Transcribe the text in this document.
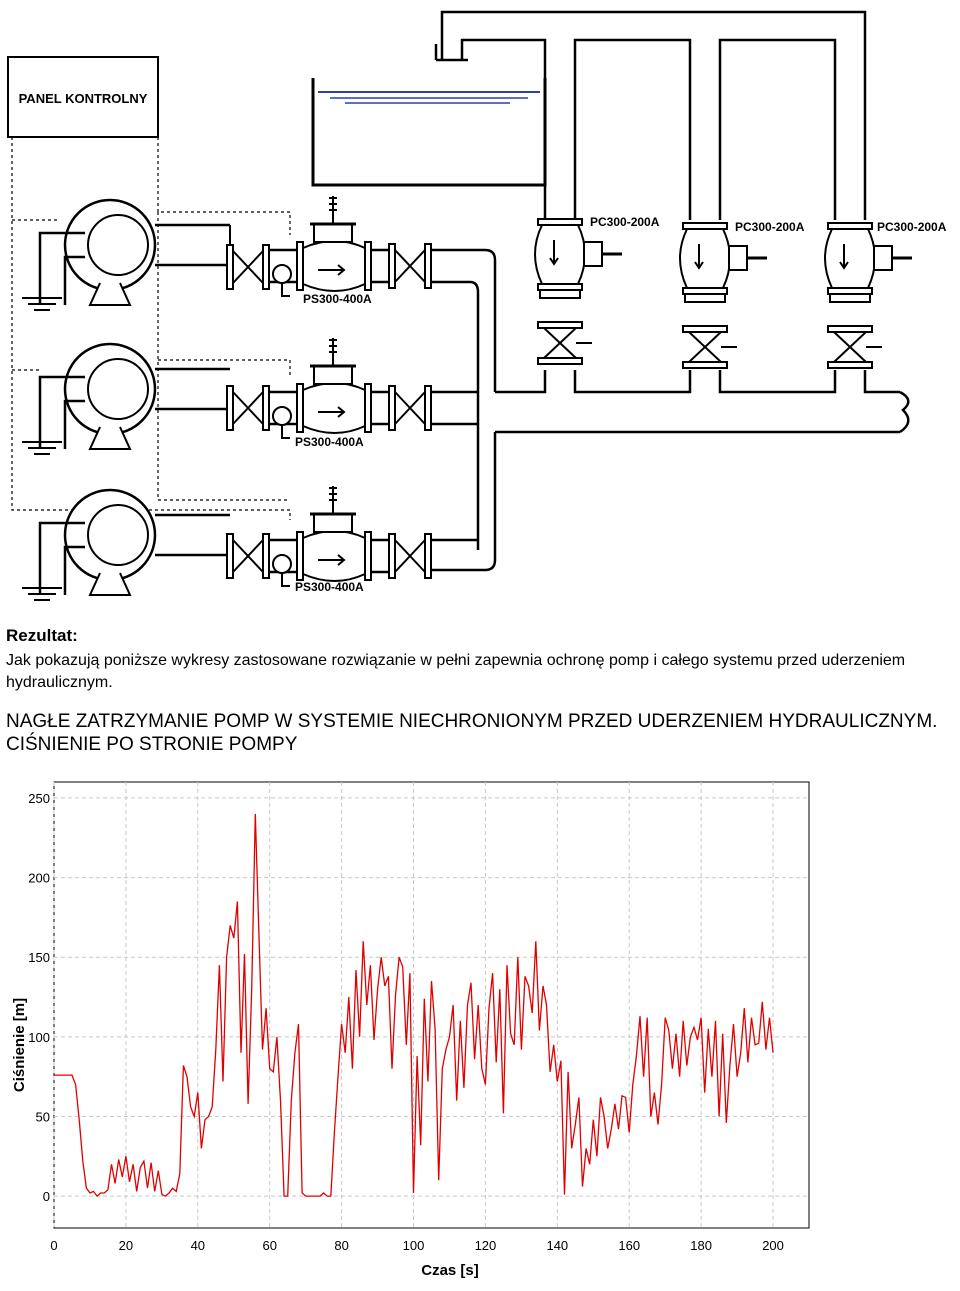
PANEL KONTROLNY
PC300-200A	PC300-200A	PC300-200A
PS300-400A
PS300-400A
PS300-400A

Rezultat:

Jak pokazują poniższe wykresy zastosowane rozwiązanie w pełni zapewnia ochronę pomp i całego systemu przed uderzeniem hydraulicznym.

NAGŁE ZATRZYMANIE POMP W SYSTEMIE NIECHRONIONYM PRZED UDERZENIEM HYDRAULICZNYM. CIŚNIENIE PO STRONIE POMPY

0	20	40	60	80	100	120	140	160	180	200
0
50
100
150
200
250
Czas [s]
Ciśnienie [m]
